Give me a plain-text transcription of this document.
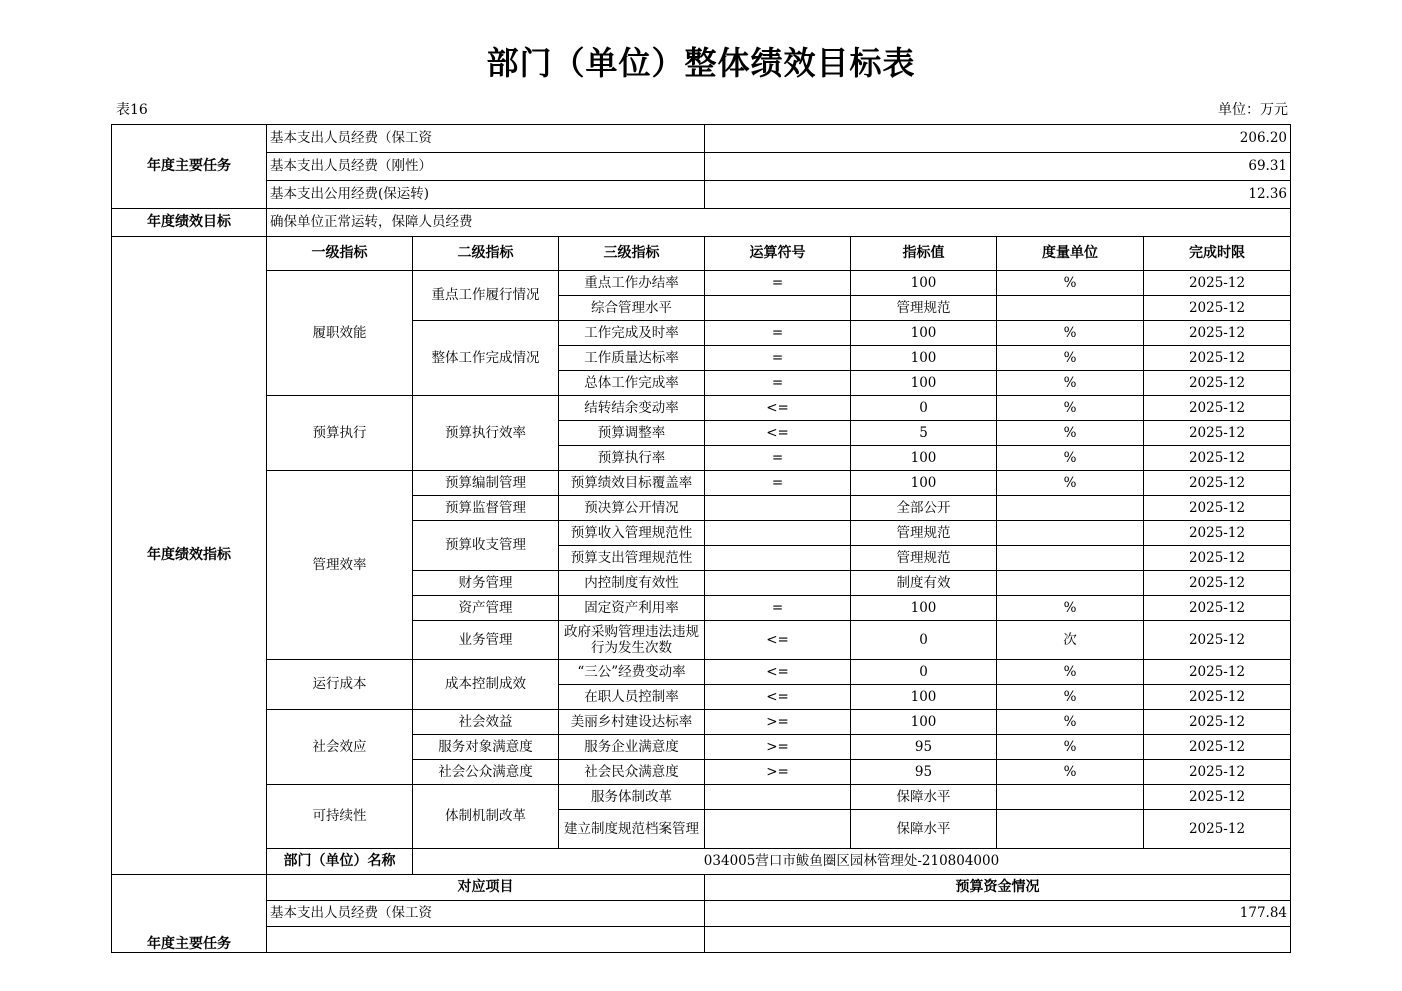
部门（单位）整体绩效目标表
表16	单位：万元
年度主要任务	基本支出人员经费（保工资			206.20			
	基本支出人员经费（刚性）			69.31			
	基本支出公用经费(保运转)			12.36			
年度绩效目标	确保单位正常运转，保障人员经费						
年度绩效指标	一级指标	二级指标	三级指标	运算符号	指标值	度量单位	完成时限
	履职效能	重点工作履行情况	重点工作办结率	=	100	%	2025-12
			综合管理水平		管理规范		2025-12
		整体工作完成情况	工作完成及时率	=	100	%	2025-12
			工作质量达标率	=	100	%	2025-12
			总体工作完成率	=	100	%	2025-12
	预算执行	预算执行效率	结转结余变动率	<=	0	%	2025-12
			预算调整率	<=	5	%	2025-12
			预算执行率	=	100	%	2025-12
	管理效率	预算编制管理	预算绩效目标覆盖率	=	100	%	2025-12
		预算监督管理	预决算公开情况		全部公开		2025-12
		预算收支管理	预算收入管理规范性		管理规范		2025-12
			预算支出管理规范性		管理规范		2025-12
		财务管理	内控制度有效性		制度有效		2025-12
		资产管理	固定资产利用率	=	100	%	2025-12
		业务管理	政府采购管理违法违规行为发生次数	<=	0	次	2025-12
	运行成本	成本控制成效	“三公”经费变动率	<=	0	%	2025-12
			在职人员控制率	<=	100	%	2025-12
	社会效应	社会效益	美丽乡村建设达标率	>=	100	%	2025-12
		服务对象满意度	服务企业满意度	>=	95	%	2025-12
		社会公众满意度	社会民众满意度	>=	95	%	2025-12
	可持续性	体制机制改革	服务体制改革		保障水平		2025-12
			建立制度规范档案管理		保障水平		2025-12
	部门（单位）名称	034005营口市鲅鱼圈区园林管理处-210804000					
年度主要任务	对应项目			预算资金情况			
	基本支出人员经费（保工资			177.84			
